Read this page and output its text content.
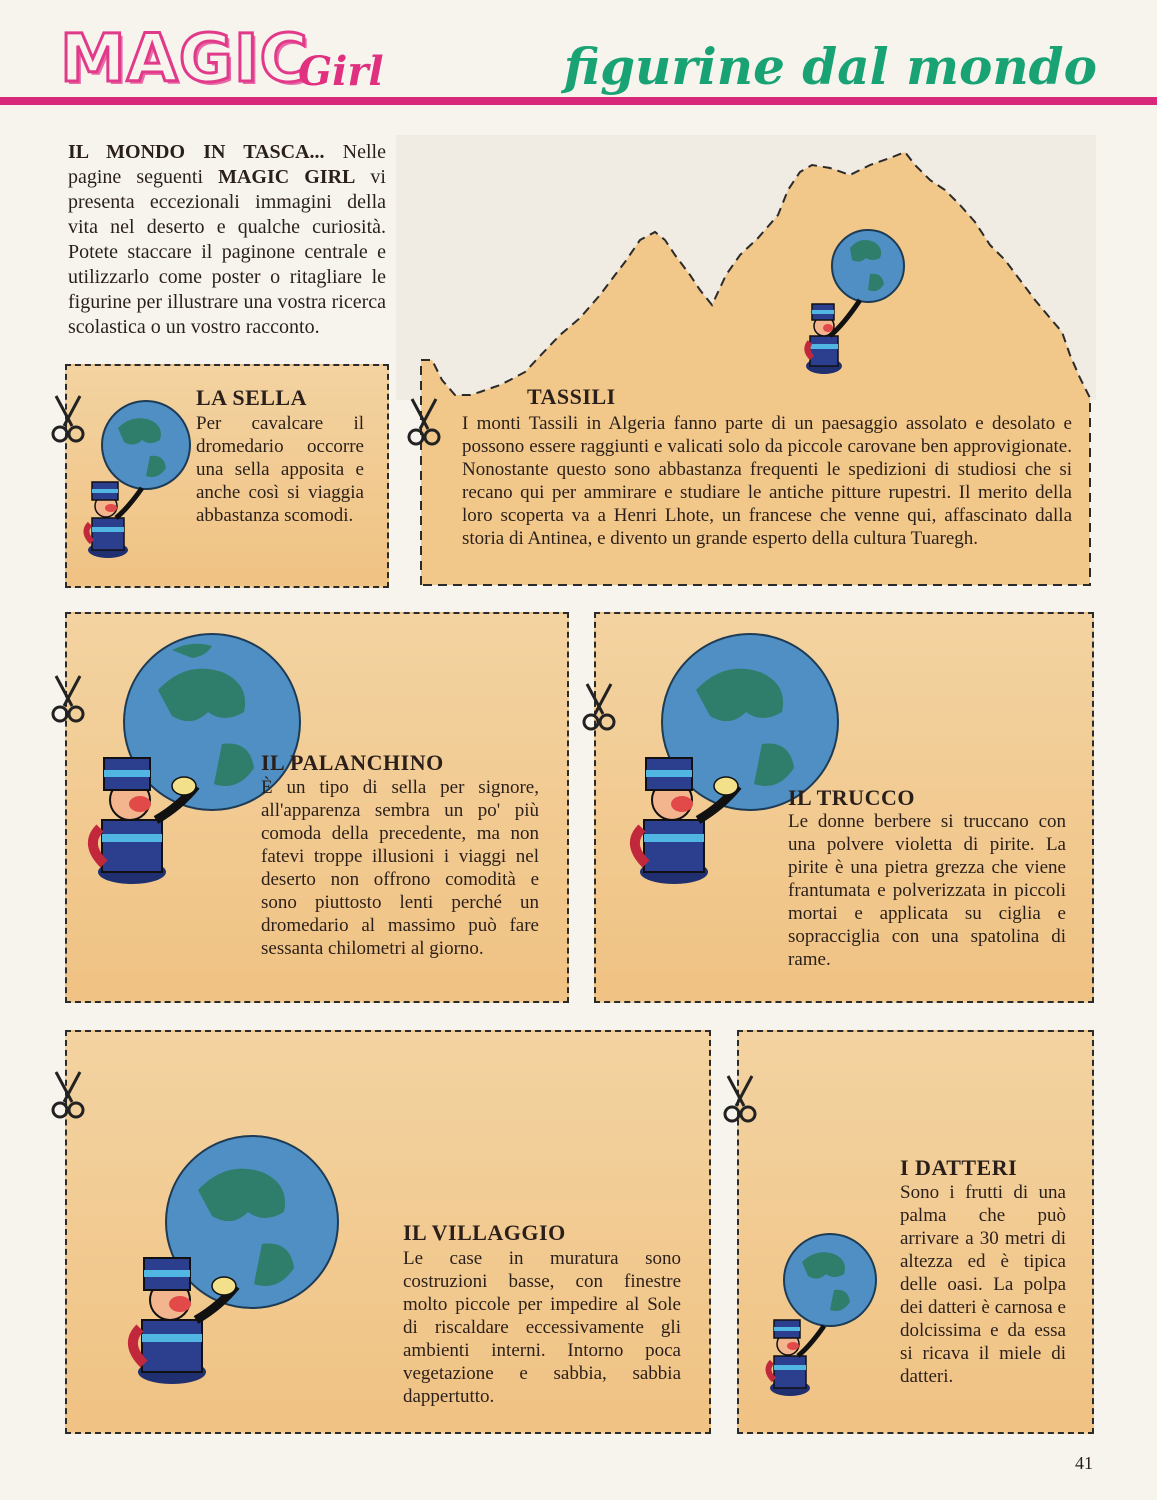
MAGIC
Girl	figurine dal mondo
IL MONDO IN TASCA... Nelle pagine seguenti MAGIC GIRL vi presenta eccezionali immagini della vita nel deserto e qualche curiosità. Potete staccare il paginone centrale e utilizzarlo come poster o ritagliare le figurine per illustrare una vostra ricerca scolastica o un vostro racconto.
LA SELLA
Per cavalcare il dromedario occorre una sella apposita e anche così si viaggia abbastanza scomodi.
TASSILI
I monti Tassili in Algeria fanno parte di un paesaggio assolato e desolato e possono essere raggiunti e valicati solo da piccole carovane ben approvigionate. Nonostante questo sono abbastanza frequenti le spedizioni di studiosi che si recano qui per ammirare e studiare le antiche pitture rupestri. Il merito della loro scoperta va a Henri Lhote, un francese che venne qui, affascinato dalla storia di Antinea, e divento un grande esperto della cultura Tuaregh.
IL PALANCHINO
È un tipo di sella per signore, all'apparenza sembra un po' più comoda della precedente, ma non fatevi troppe illusioni i viaggi nel deserto non offrono comodità e sono piuttosto lenti perché un dromedario al massimo può fare sessanta chilometri al giorno.
IL TRUCCO
Le donne berbere si truccano con una polvere violetta di pirite. La pirite è una pietra grezza che viene frantumata e polverizzata in piccoli mortai e applicata su ciglia e sopracciglia con una spatolina di rame.
IL VILLAGGIO
Le case in muratura sono costruzioni basse, con finestre molto piccole per impedire al Sole di riscaldare eccessivamente gli ambienti interni. Intorno poca vegetazione e sabbia, sabbia dappertutto.
I DATTERI
Sono i frutti di una palma che può arrivare a 30 metri di altezza ed è tipica delle oasi. La polpa dei datteri è carnosa e dolcissima e da essa si ricava il miele di datteri.
41
